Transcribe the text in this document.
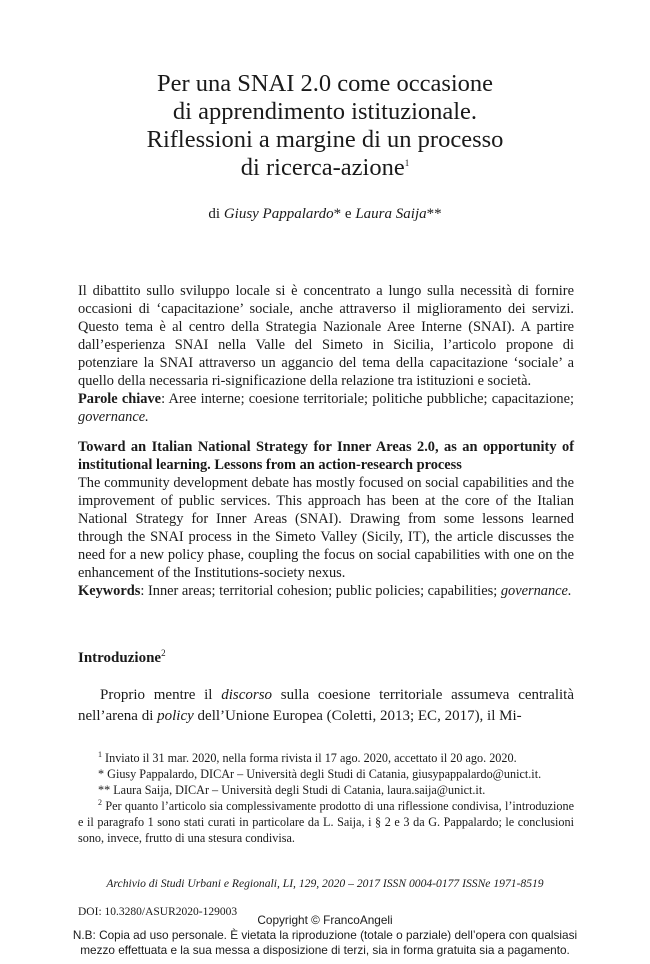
Per una SNAI 2.0 come occasione
di apprendimento istituzionale.
Riflessioni a margine di un processo
di ricerca-azione$^1$
di Giusy Pappalardo* e Laura Saija**

Il dibattito sullo sviluppo locale si è concentrato a lungo sulla necessità di fornire occasioni di ‘capacitazione’ sociale, anche attraverso il miglioramento dei servizi. Questo tema è al centro della Strategia Nazionale Aree Interne (SNAI). A partire dall’esperienza SNAI nella Valle del Simeto in Sicilia, l’articolo propone di potenziare la SNAI attraverso un aggancio del tema della capacitazione ‘sociale’ a quello della necessaria ri-significazione della relazione tra istituzioni e società.

Parole chiave: Aree interne; coesione territoriale; politiche pubbliche; capacitazione; governance.

Toward an Italian National Strategy for Inner Areas 2.0, as an opportunity of institutional learning. Lessons from an action-research process

The community development debate has mostly focused on social capabilities and the improvement of public services. This approach has been at the core of the Italian National Strategy for Inner Areas (SNAI). Drawing from some lessons learned through the SNAI process in the Simeto Valley (Sicily, IT), the article discusses the need for a new policy phase, coupling the focus on social capabilities with one on the enhancement of the Institutions-society nexus.

Keywords: Inner areas; territorial cohesion; public policies; capabilities; governance.

Introduzione$^2$

Proprio mentre il discorso sulla coesione territoriale assumeva centralità nell’arena di policy dell’Unione Europea (Coletti, 2013; EC, 2017), il Mi-

$^1$ Inviato il 31 mar. 2020, nella forma rivista il 17 ago. 2020, accettato il 20 ago. 2020.

* Giusy Pappalardo, DICAr – Università degli Studi di Catania, giusypappalardo@unict.it.

** Laura Saija, DICAr – Università degli Studi di Catania, laura.saija@unict.it.

$^2$ Per quanto l’articolo sia complessivamente prodotto di una riflessione condivisa, l’introduzione e il paragrafo 1 sono stati curati in particolare da L. Saija, i § 2 e 3 da G. Pappalardo; le conclusioni sono, invece, frutto di una stesura condivisa.

Archivio di Studi Urbani e Regionali, LI, 129, 2020 – 2017 ISSN 0004-0177 ISSNe 1971-8519
DOI: 10.3280/ASUR2020-129003
Copyright © FrancoAngeli
N.B: Copia ad uso personale. È vietata la riproduzione (totale o parziale) dell’opera con qualsiasi
mezzo effettuata e la sua messa a disposizione di terzi, sia in forma gratuita sia a pagamento.
